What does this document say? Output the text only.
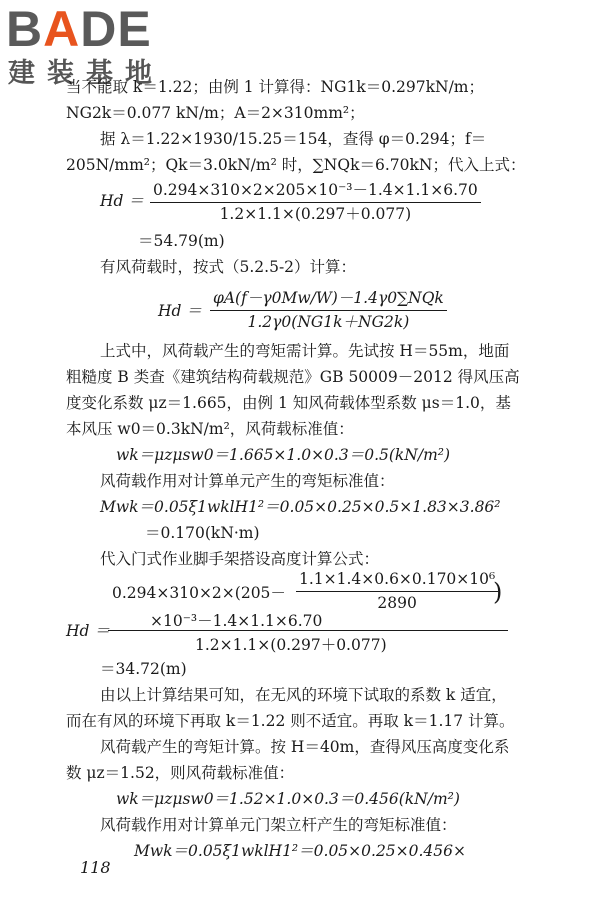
BADE
建装基地
当不能取 k＝1.22；由例 1 计算得：NG1k＝0.297kN/m；
NG2k＝0.077 kN/m；A＝2×310mm²；
据 λ＝1.22×1930/15.25＝154，查得 φ＝0.294；f＝
205N/mm²；Qk＝3.0kN/m² 时，∑NQk＝6.70kN；代入上式：
$Hd = \frac{\text{0.294×310×2×205×10⁻³－1.4×1.1×6.70}}{1.2\times 1.1\times(0.297+0.077)}$
＝54.79(m)
有风荷载时，按式（5.2.5-2）计算：
$Hd = \frac{\text{φA(f－γ0Mw/W)－1.4γ0∑NQk}}{1.2\gamma 0(NG1k+NG2k)}$
上式中，风荷载产生的弯矩需计算。先试按 H＝55m，地面
粗糙度 B 类查《建筑结构荷载规范》GB 50009－2012 得风压高
度变化系数 μz＝1.665，由例 1 知风荷载体型系数 μs＝1.0，基
本风压 w0＝0.3kN/m²，风荷载标准值：
wk＝μzμsw0＝1.665×1.0×0.3＝0.5(kN/m²)
风荷载作用对计算单元产生的弯矩标准值：
Mwk＝0.05ξ1wklH1²＝0.05×0.25×0.5×1.83×3.86²
＝0.170(kN·m)
代入门式作业脚手架搭设高度计算公式：
$0.294\times 310\times 2\times(205- \frac{\text{1.1×1.4×0.6×0.170×10⁶}}{2890}$
)
Hd ＝
×10⁻³－1.4×1.1×6.70
1.2×1.1×(0.297＋0.077)
＝34.72(m)
由以上计算结果可知，在无风的环境下试取的系数 k 适宜，
而在有风的环境下再取 k＝1.22 则不适宜。再取 k＝1.17 计算。
风荷载产生的弯矩计算。按 H＝40m，查得风压高度变化系
数 μz＝1.52，则风荷载标准值：
wk＝μzμsw0＝1.52×1.0×0.3＝0.456(kN/m²)
风荷载作用对计算单元门架立杆产生的弯矩标准值：
Mwk＝0.05ξ1wklH1²＝0.05×0.25×0.456×
118
